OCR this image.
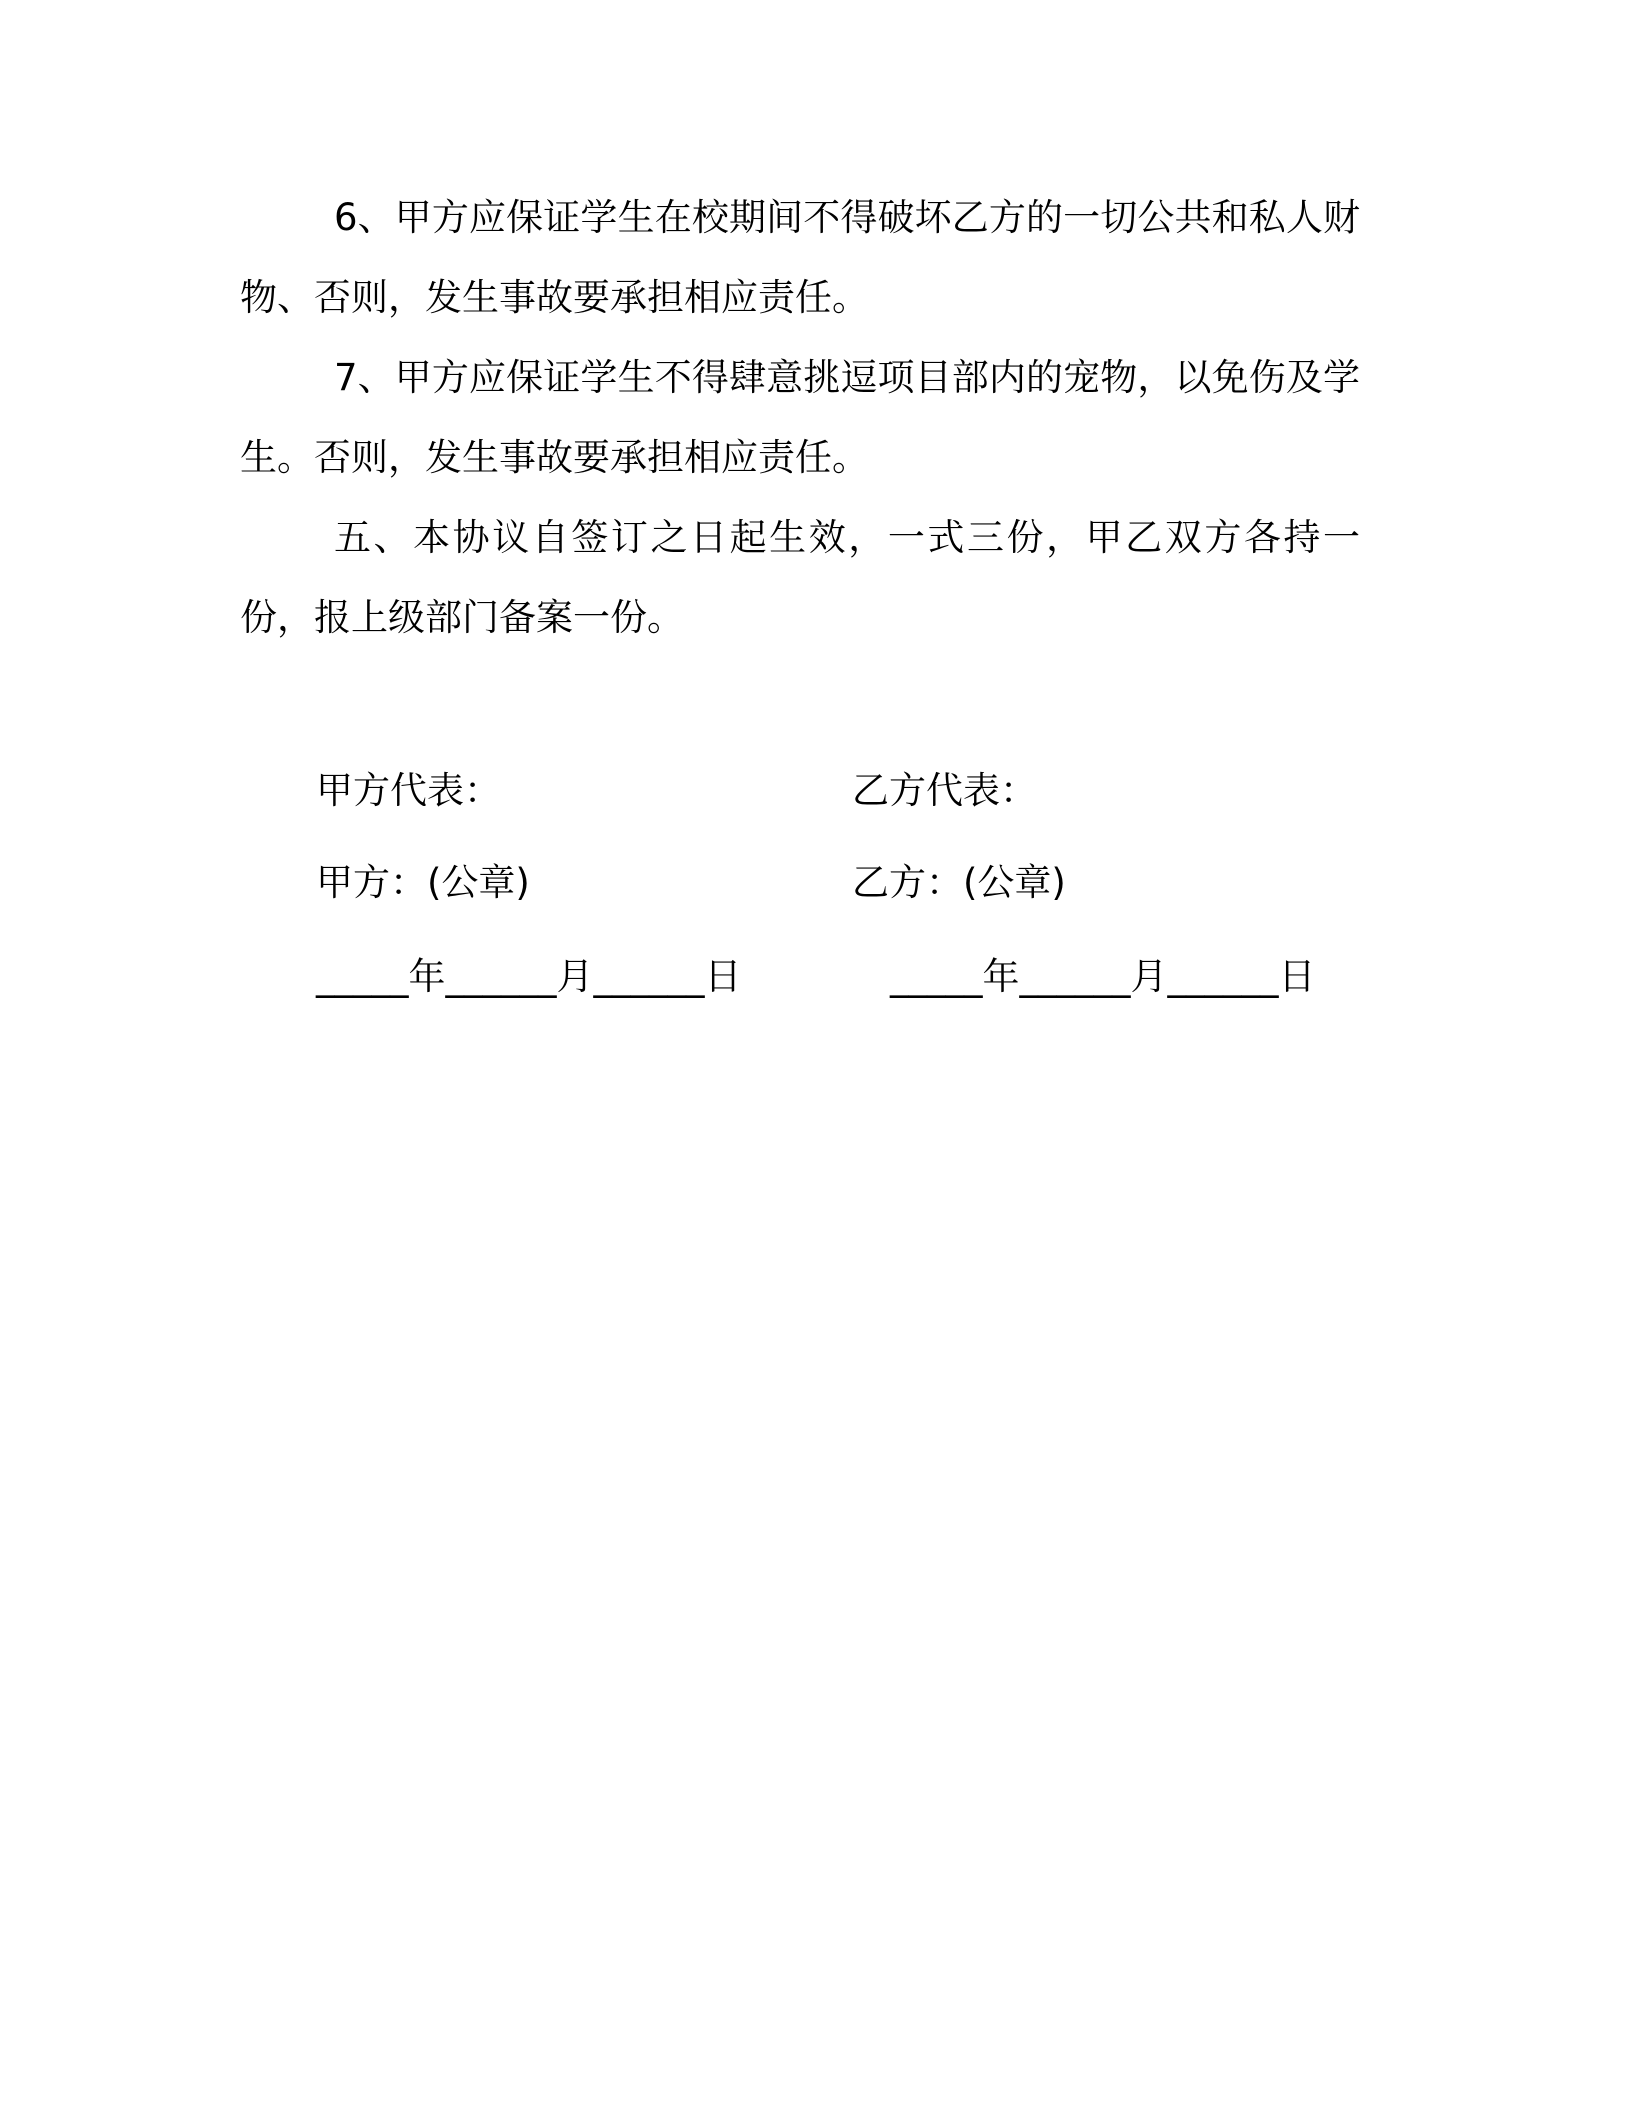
6、甲方应保证学生在校期间不得破坏乙方的一切公共和私人财物、否则，发生事故要承担相应责任。

7、甲方应保证学生不得肆意挑逗项目部内的宠物，以免伤及学生。否则，发生事故要承担相应责任。

五、本协议自签订之日起生效，一式三份，甲乙双方各持一份，报上级部门备案一份。

甲方代表：	乙方代表：

甲方：(公章)	乙方：(公章)

_____年______月______日	_____年______月______日
